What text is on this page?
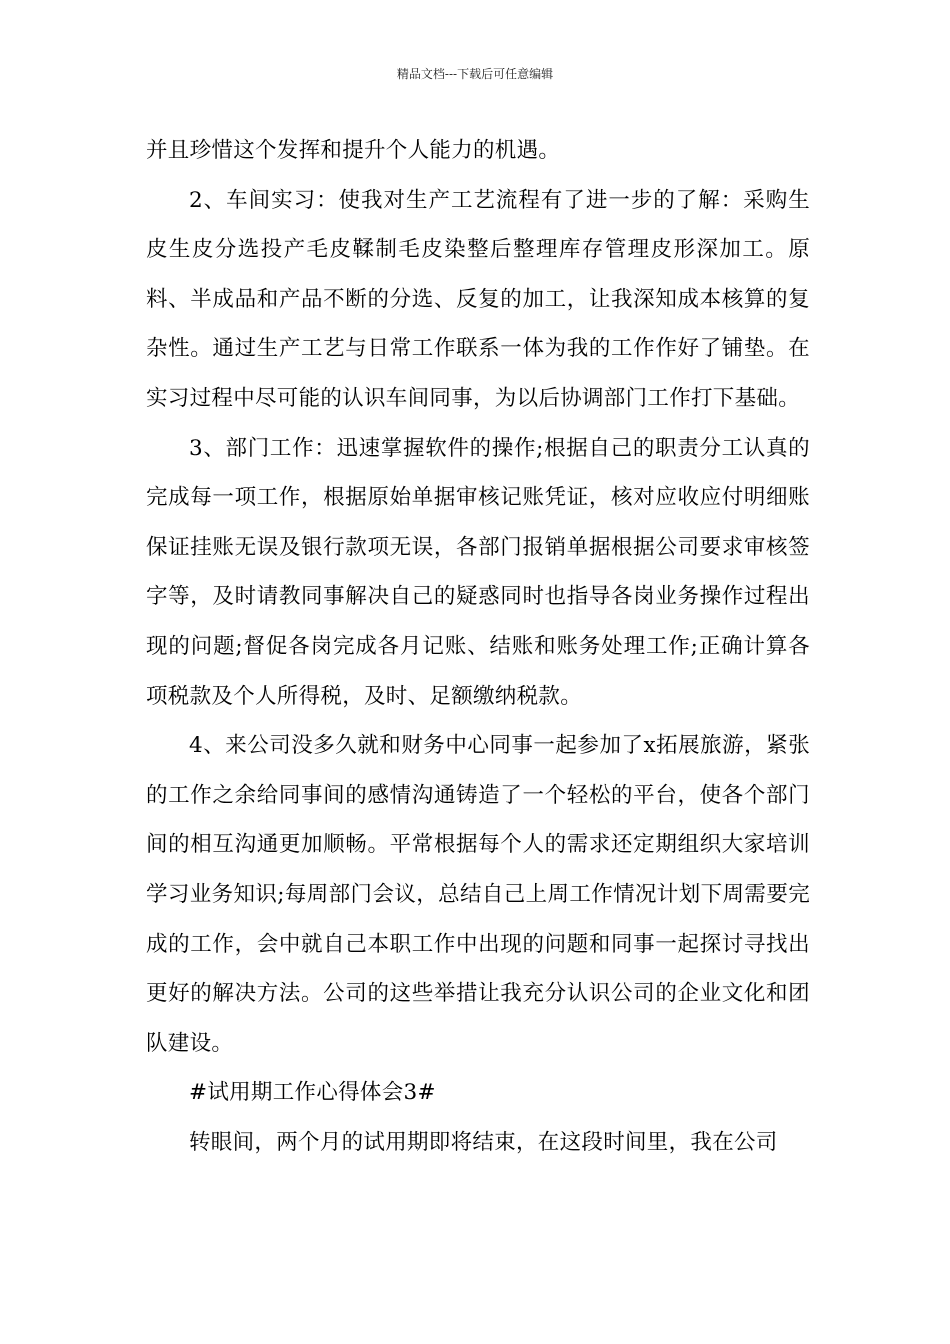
精品文档---下载后可任意编辑

并且珍惜这个发挥和提升个人能力的机遇。

2、车间实习：使我对生产工艺流程有了进一步的了解：采购生皮生皮分选投产毛皮鞣制毛皮染整后整理库存管理皮形深加工。原料、半成品和产品不断的分选、反复的加工，让我深知成本核算的复杂性。通过生产工艺与日常工作联系一体为我的工作作好了铺垫。在实习过程中尽可能的认识车间同事，为以后协调部门工作打下基础。

3、部门工作：迅速掌握软件的操作;根据自己的职责分工认真的完成每一项工作，根据原始单据审核记账凭证，核对应收应付明细账保证挂账无误及银行款项无误，各部门报销单据根据公司要求审核签字等，及时请教同事解决自己的疑惑同时也指导各岗业务操作过程出现的问题;督促各岗完成各月记账、结账和账务处理工作;正确计算各项税款及个人所得税，及时、足额缴纳税款。

4、来公司没多久就和财务中心同事一起参加了x拓展旅游，紧张的工作之余给同事间的感情沟通铸造了一个轻松的平台，使各个部门间的相互沟通更加顺畅。平常根据每个人的需求还定期组织大家培训学习业务知识;每周部门会议，总结自己上周工作情况计划下周需要完成的工作，会中就自己本职工作中出现的问题和同事一起探讨寻找出更好的解决方法。公司的这些举措让我充分认识公司的企业文化和团队建设。

#试用期工作心得体会3#

转眼间，两个月的试用期即将结束，在这段时间里，我在公司
